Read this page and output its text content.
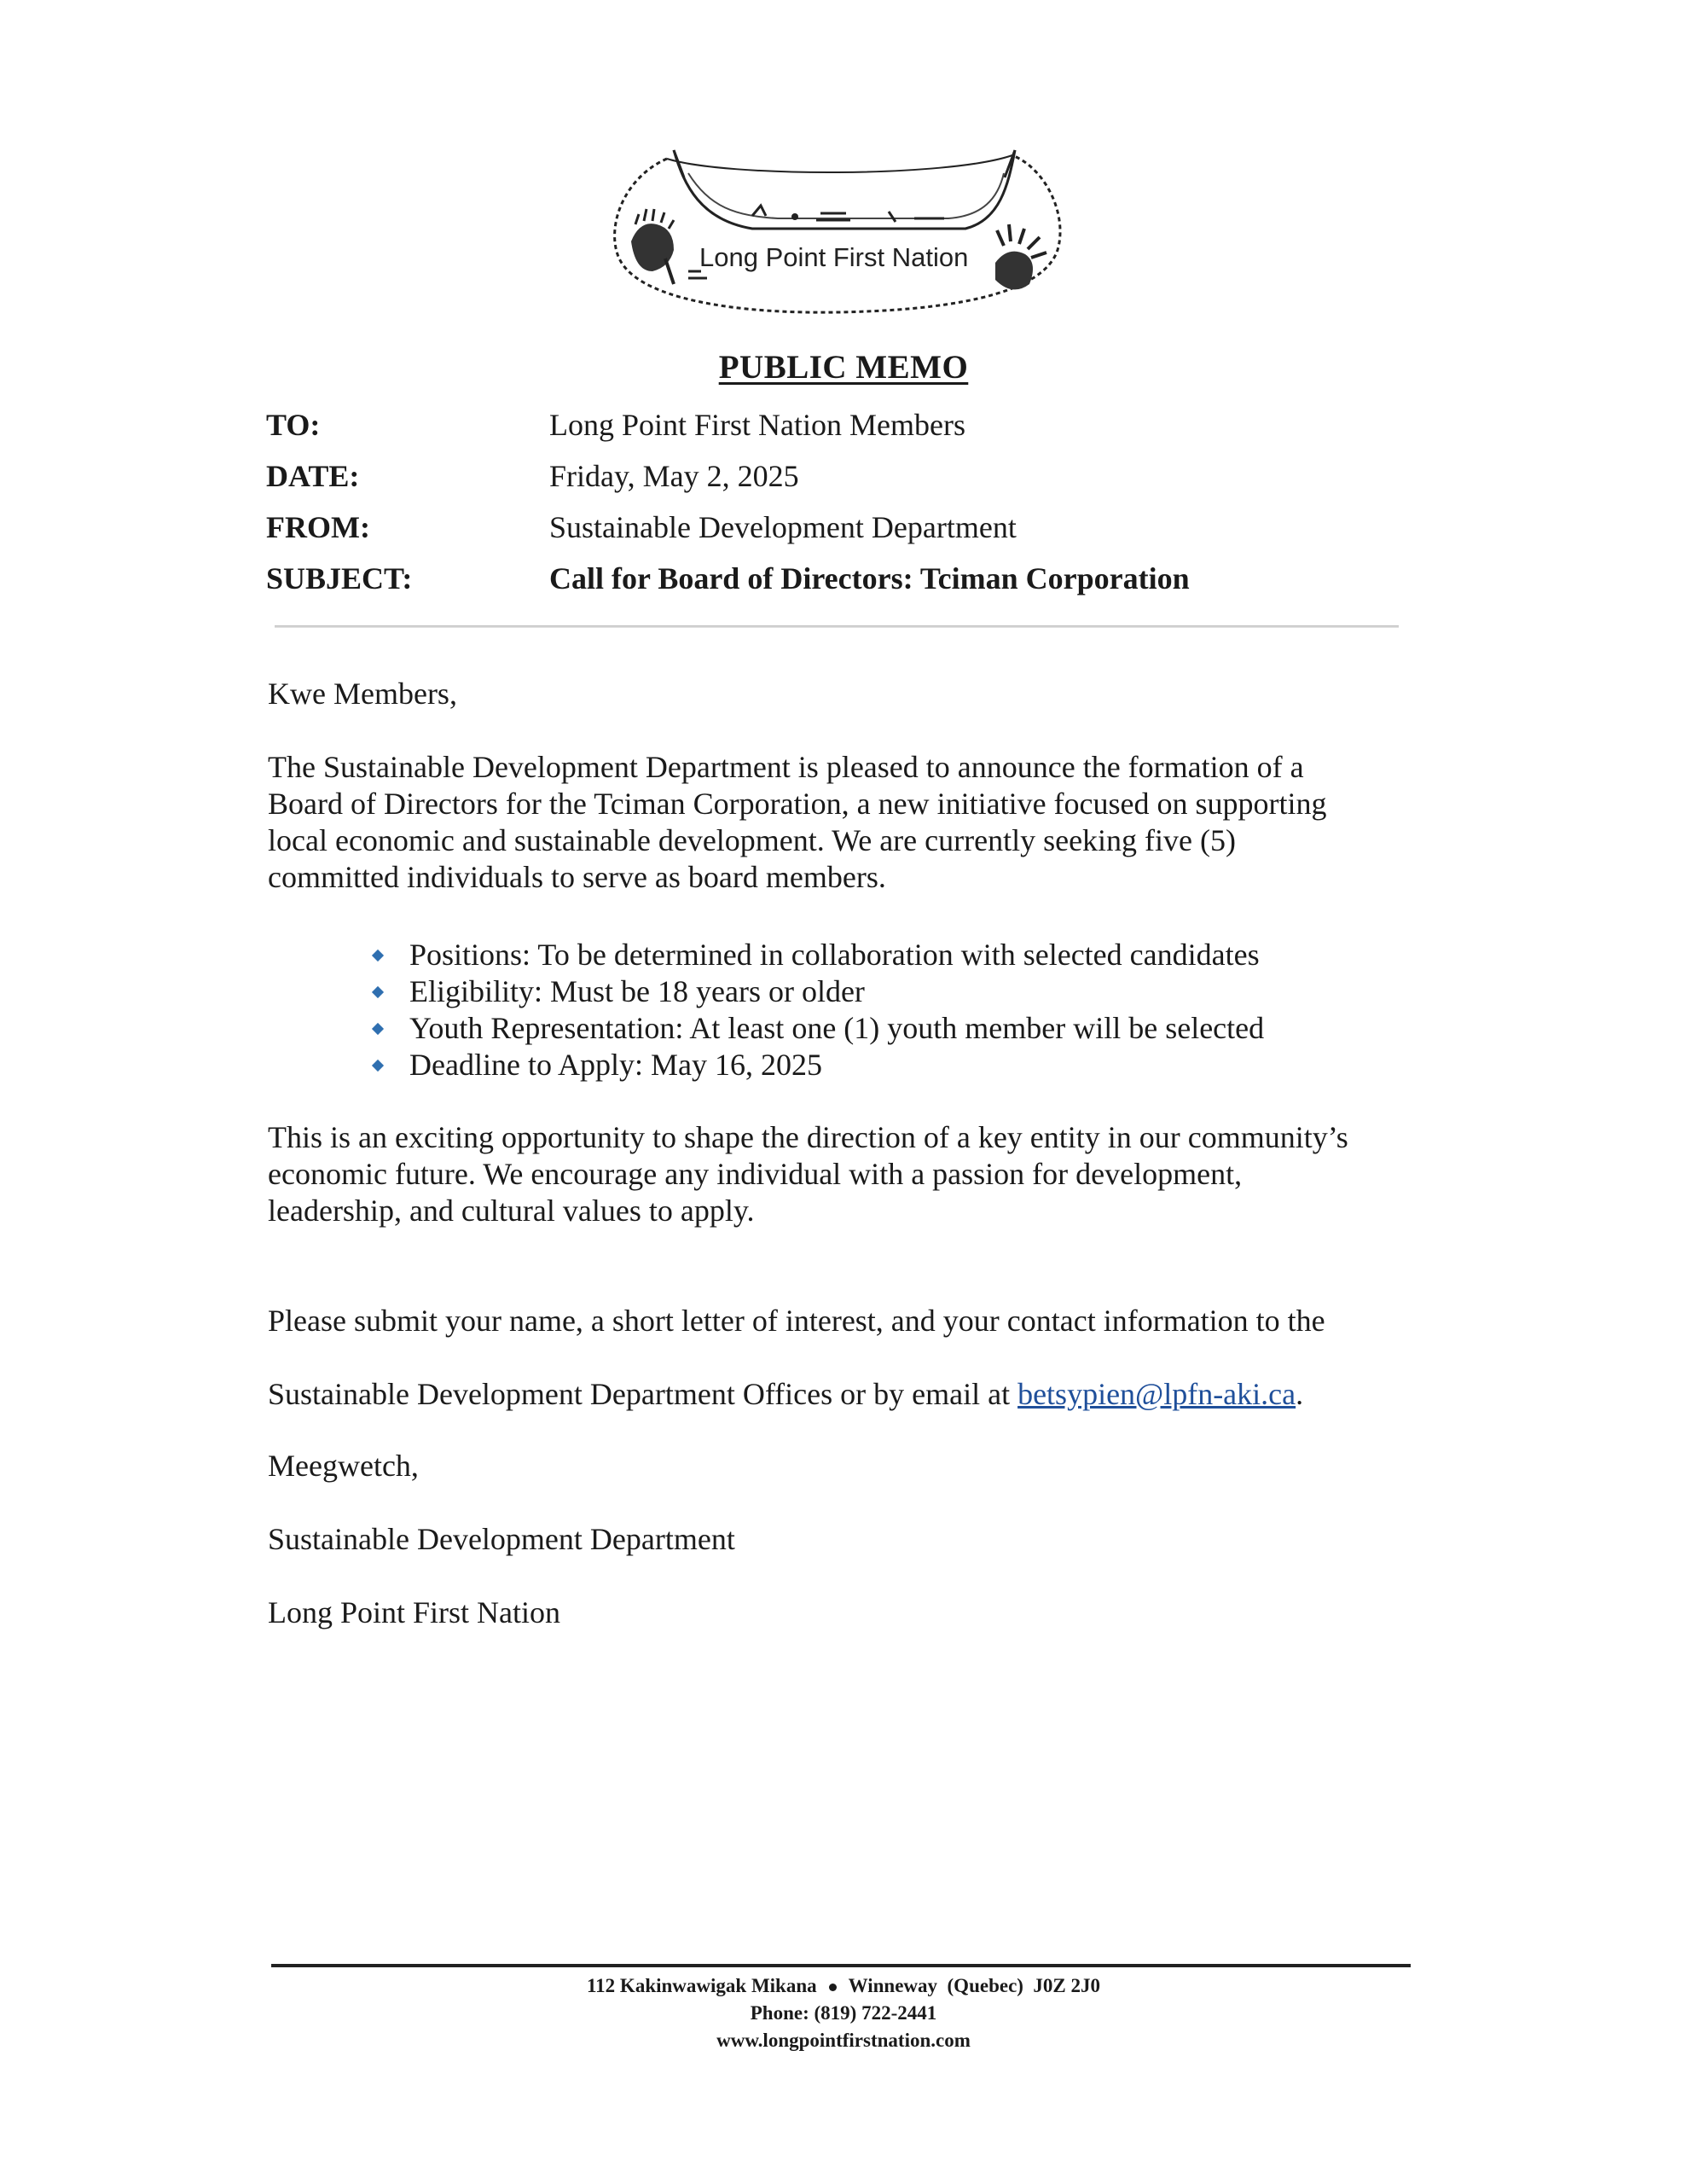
Long Point First Nation
PUBLIC MEMO
TO:	Long Point First Nation Members
DATE:	Friday, May 2, 2025
FROM:	Sustainable Development Department
SUBJECT:	Call for Board of Directors: Tciman Corporation
Kwe Members,
The Sustainable Development Department is pleased to announce the formation of a
Board of Directors for the Tciman Corporation, a new initiative focused on supporting
local economic and sustainable development. We are currently seeking five (5)
committed individuals to serve as board members.
Positions: To be determined in collaboration with selected candidates
Eligibility: Must be 18 years or older
Youth Representation: At least one (1) youth member will be selected
Deadline to Apply: May 16, 2025
This is an exciting opportunity to shape the direction of a key entity in our community’s
economic future. We encourage any individual with a passion for development,
leadership, and cultural values to apply.

Please submit your name, a short letter of interest, and your contact information to the

Sustainable Development Department Offices or by email at betsypien@lpfn-aki.ca.

Meegwetch,

Sustainable Development Department

Long Point First Nation

112 Kakinwawigak Mikana Winneway  (Quebec)  J0Z 2J0
Phone: (819) 722-2441
www.longpointfirstnation.com
